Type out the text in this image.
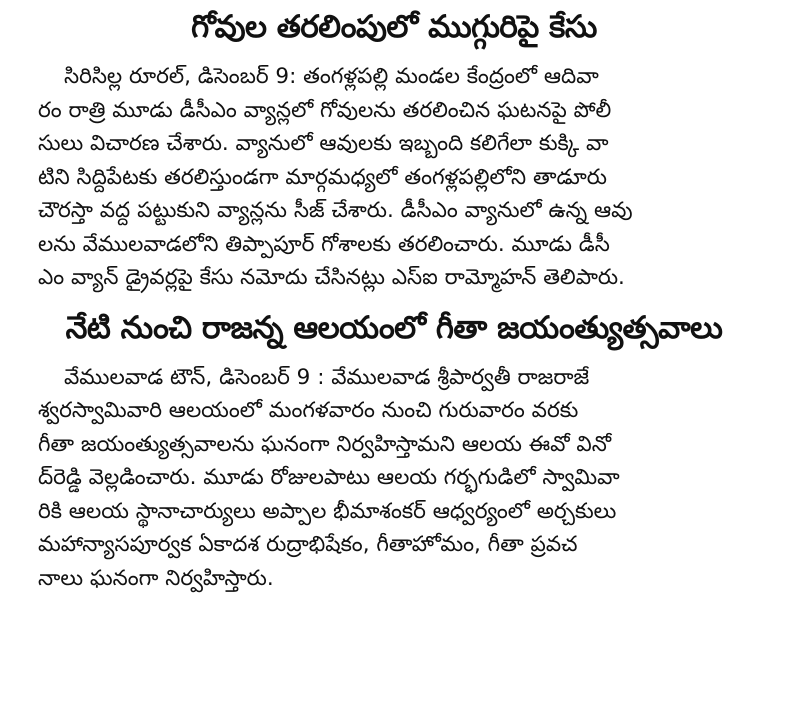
గోవుల తరలింపులో ముగ్గురిపై కేసు
సిరిసిల్ల రూరల్, డిసెంబర్ 9: తంగళ్లపల్లి మండల కేంద్రంలో ఆదివా
రం రాత్రి మూడు డీసీఎం వ్యాన్లలో గోవులను తరలించిన ఘటనపై పోలీ
సులు విచారణ చేశారు. వ్యానులో ఆవులకు ఇబ్బంది కలిగేలా కుక్కి వా
టిని సిద్దిపేటకు తరలిస్తుండగా మార్గమధ్యలో తంగళ్లపల్లిలోని తాడూరు
చౌరస్తా వద్ద పట్టుకుని వ్యాన్లను సీజ్ చేశారు. డీసీఎం వ్యానులో ఉన్న ఆవు
లను వేములవాడలోని తిప్పాపూర్ గోశాలకు తరలించారు. మూడు డీసీ
ఎం వ్యాన్ డ్రైవర్లపై కేసు నమోదు చేసినట్లు ఎస్ఐ రామ్మోహన్ తెలిపారు.
నేటి నుంచి రాజన్న ఆలయంలో గీతా జయంత్యుత్సవాలు
వేములవాడ టౌన్, డిసెంబర్ 9 : వేములవాడ శ్రీపార్వతీ రాజరాజే
శ్వరస్వామివారి ఆలయంలో మంగళవారం నుంచి గురువారం వరకు
గీతా జయంత్యుత్సవాలను ఘనంగా నిర్వహిస్తామని ఆలయ ఈవో వినో
ద్‌రెడ్డి వెల్లడించారు. మూడు రోజులపాటు ఆలయ గర్భగుడిలో స్వామివా
రికి ఆలయ స్థానాచార్యులు అప్పాల భీమాశంకర్ ఆధ్వర్యంలో అర్చకులు
మహాన్యాసపూర్వక ఏకాదశ రుద్రాభిషేకం, గీతాహోమం, గీతా ప్రవచ
నాలు ఘనంగా నిర్వహిస్తారు.
